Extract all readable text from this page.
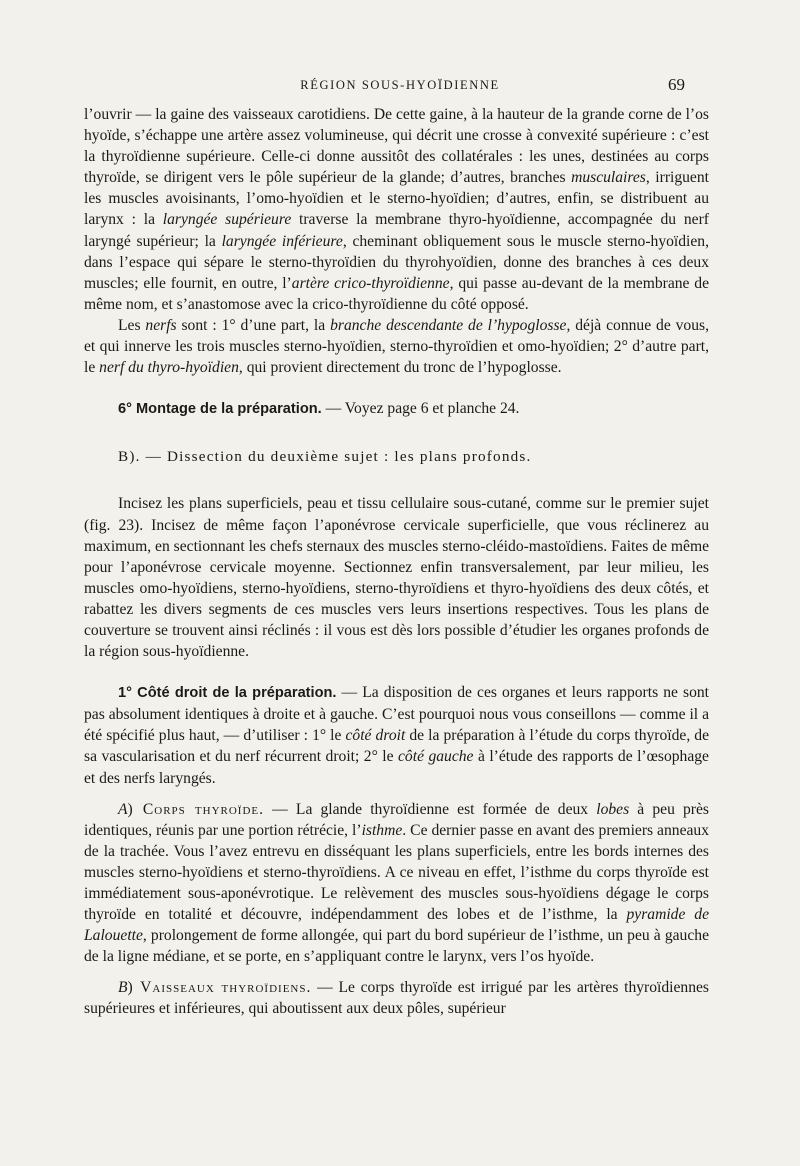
RÉGION SOUS-HYOÏDIENNE	69

l’ouvrir — la gaine des vaisseaux carotidiens. De cette gaine, à la hauteur de la grande corne de l’os hyoïde, s’échappe une artère assez volumineuse, qui décrit une crosse à convexité supérieure : c’est la thyroïdienne supérieure. Celle-ci donne aussitôt des collatérales : les unes, destinées au corps thyroïde, se dirigent vers le pôle supérieur de la glande; d’autres, branches musculaires, irriguent les muscles avoisinants, l’omo-hyoïdien et le sterno-hyoïdien; d’autres, enfin, se distribuent au larynx : la laryngée supérieure traverse la membrane thyro-hyoïdienne, accompagnée du nerf laryngé supérieur; la laryngée inférieure, cheminant obliquement sous le muscle sterno-hyoïdien, dans l’espace qui sépare le sterno-thyroïdien du thyrohyoïdien, donne des branches à ces deux muscles; elle fournit, en outre, l’artère crico-thyroïdienne, qui passe au-devant de la membrane de même nom, et s’anastomose avec la crico-thyroïdienne du côté opposé.

Les nerfs sont : 1° d’une part, la branche descendante de l’hypoglosse, déjà connue de vous, et qui innerve les trois muscles sterno-hyoïdien, sterno-thyroïdien et omo-hyoïdien; 2° d’autre part, le nerf du thyro-hyoïdien, qui provient directement du tronc de l’hypoglosse.

6° Montage de la préparation. — Voyez page 6 et planche 24.

B). — Dissection du deuxième sujet : les plans profonds.

Incisez les plans superficiels, peau et tissu cellulaire sous-cutané, comme sur le premier sujet (fig. 23). Incisez de même façon l’aponévrose cervicale superficielle, que vous réclinerez au maximum, en sectionnant les chefs sternaux des muscles sterno-cléido-mastoïdiens. Faites de même pour l’aponévrose cervicale moyenne. Sectionnez enfin transversalement, par leur milieu, les muscles omo-hyoïdiens, sterno-hyoïdiens, sterno-thyroïdiens et thyro-hyoïdiens des deux côtés, et rabattez les divers segments de ces muscles vers leurs insertions respectives. Tous les plans de couverture se trouvent ainsi réclinés : il vous est dès lors possible d’étudier les organes profonds de la région sous-hyoïdienne.

1° Côté droit de la préparation. — La disposition de ces organes et leurs rapports ne sont pas absolument identiques à droite et à gauche. C’est pourquoi nous vous conseillons — comme il a été spécifié plus haut, — d’utiliser : 1° le côté droit de la préparation à l’étude du corps thyroïde, de sa vascularisation et du nerf récurrent droit; 2° le côté gauche à l’étude des rapports de l’œsophage et des nerfs laryngés.

A) Corps thyroïde. — La glande thyroïdienne est formée de deux lobes à peu près identiques, réunis par une portion rétrécie, l’isthme. Ce dernier passe en avant des premiers anneaux de la trachée. Vous l’avez entrevu en disséquant les plans superficiels, entre les bords internes des muscles sterno-hyoïdiens et sterno-thyroïdiens. A ce niveau en effet, l’isthme du corps thyroïde est immédiatement sous-aponévrotique. Le relèvement des muscles sous-hyoïdiens dégage le corps thyroïde en totalité et découvre, indépendamment des lobes et de l’isthme, la pyramide de Lalouette, prolongement de forme allongée, qui part du bord supérieur de l’isthme, un peu à gauche de la ligne médiane, et se porte, en s’appliquant contre le larynx, vers l’os hyoïde.

B) Vaisseaux thyroïdiens. — Le corps thyroïde est irrigué par les artères thyroïdiennes supérieures et inférieures, qui aboutissent aux deux pôles, supérieur
